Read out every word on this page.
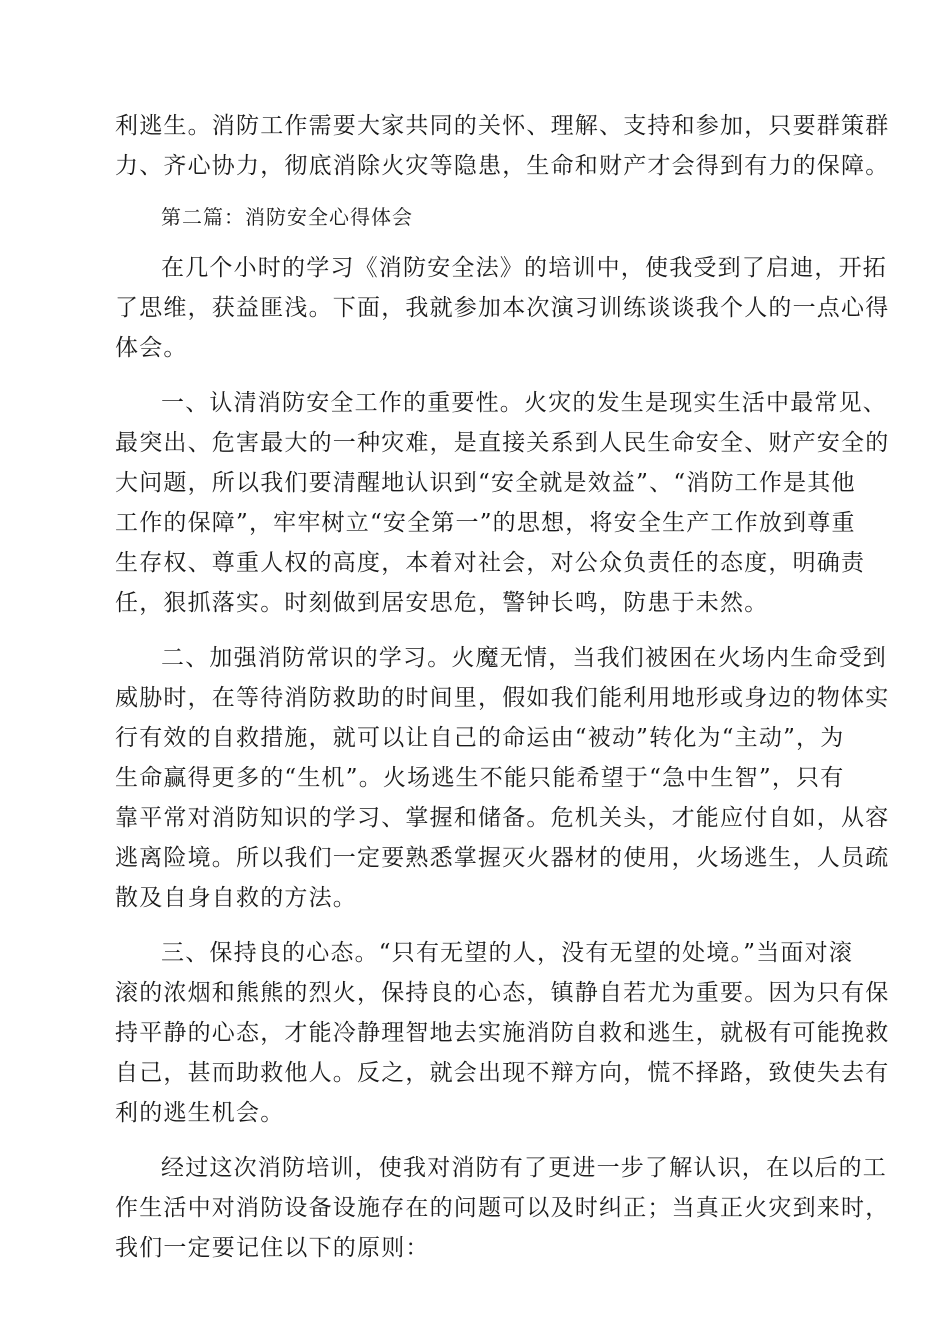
利逃生。消防工作需要大家共同的关怀、理解、支持和参加，只要群策群
力、齐心协力，彻底消除火灾等隐患，生命和财产才会得到有力的保障。

第二篇：消防安全心得体会

在几个小时的学习《消防安全法》的培训中，使我受到了启迪，开拓
了思维，获益匪浅。下面，我就参加本次演习训练谈谈我个人的一点心得
体会。

一、认清消防安全工作的重要性。火灾的发生是现实生活中最常见、
最突出、危害最大的一种灾难，是直接关系到人民生命安全、财产安全的
大问题，所以我们要清醒地认识到“安全就是效益”、“消防工作是其他
工作的保障”，牢牢树立“安全第一”的思想，将安全生产工作放到尊重
生存权、尊重人权的高度，本着对社会，对公众负责任的态度，明确责
任，狠抓落实。时刻做到居安思危，警钟长鸣，防患于未然。

二、加强消防常识的学习。火魔无情，当我们被困在火场内生命受到
威胁时，在等待消防救助的时间里，假如我们能利用地形或身边的物体实
行有效的自救措施，就可以让自己的命运由“被动”转化为“主动”，为
生命赢得更多的“生机”。火场逃生不能只能希望于“急中生智”，只有
靠平常对消防知识的学习、掌握和储备。危机关头，才能应付自如，从容
逃离险境。所以我们一定要熟悉掌握灭火器材的使用，火场逃生，人员疏
散及自身自救的方法。

三、保持良的心态。“只有无望的人，没有无望的处境。”当面对滚
滚的浓烟和熊熊的烈火，保持良的心态，镇静自若尤为重要。因为只有保
持平静的心态，才能冷静理智地去实施消防自救和逃生，就极有可能挽救
自己，甚而助救他人。反之，就会出现不辩方向，慌不择路，致使失去有
利的逃生机会。

经过这次消防培训，使我对消防有了更进一步了解认识，在以后的工
作生活中对消防设备设施存在的问题可以及时纠正；当真正火灾到来时，
我们一定要记住以下的原则：
